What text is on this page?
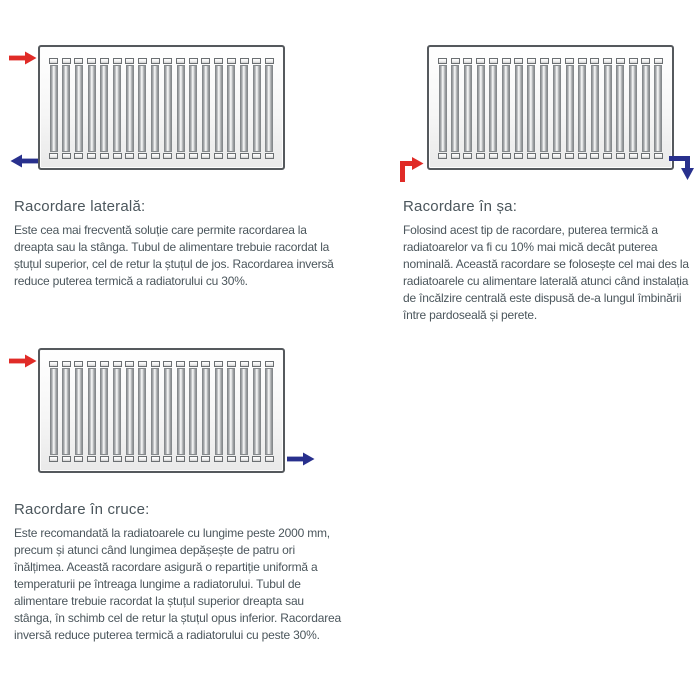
Racordare laterală:
Este cea mai frecventă soluție care permite racordarea la dreapta sau la stânga. Tubul de alimentare trebuie racordat la ștuțul superior, cel de retur la ștuțul de jos. Racordarea inversă reduce puterea termică a radiatorului cu 30%.
Racordare în șa:
Folosind acest tip de racordare, puterea termică a radiatoarelor va fi cu 10% mai mică decât puterea nominală. Această racordare se folosește cel mai des la radiatoarele cu alimentare laterală atunci când instalația de încălzire centrală este dispusă de-a lungul îmbinării între pardoseală și perete.
Racordare în cruce:
Este recomandată la radiatoarele cu lungime peste 2000 mm, precum și atunci când lungimea depășește de patru ori înălțimea. Această racordare asigură o repartiție uniformă a temperaturii pe întreaga lungime a radiatorului. Tubul de alimentare trebuie racordat la ștuțul superior dreapta sau stânga, în schimb cel de retur la ștuțul opus inferior. Racordarea inversă reduce puterea termică a radiatorului cu peste 30%.
